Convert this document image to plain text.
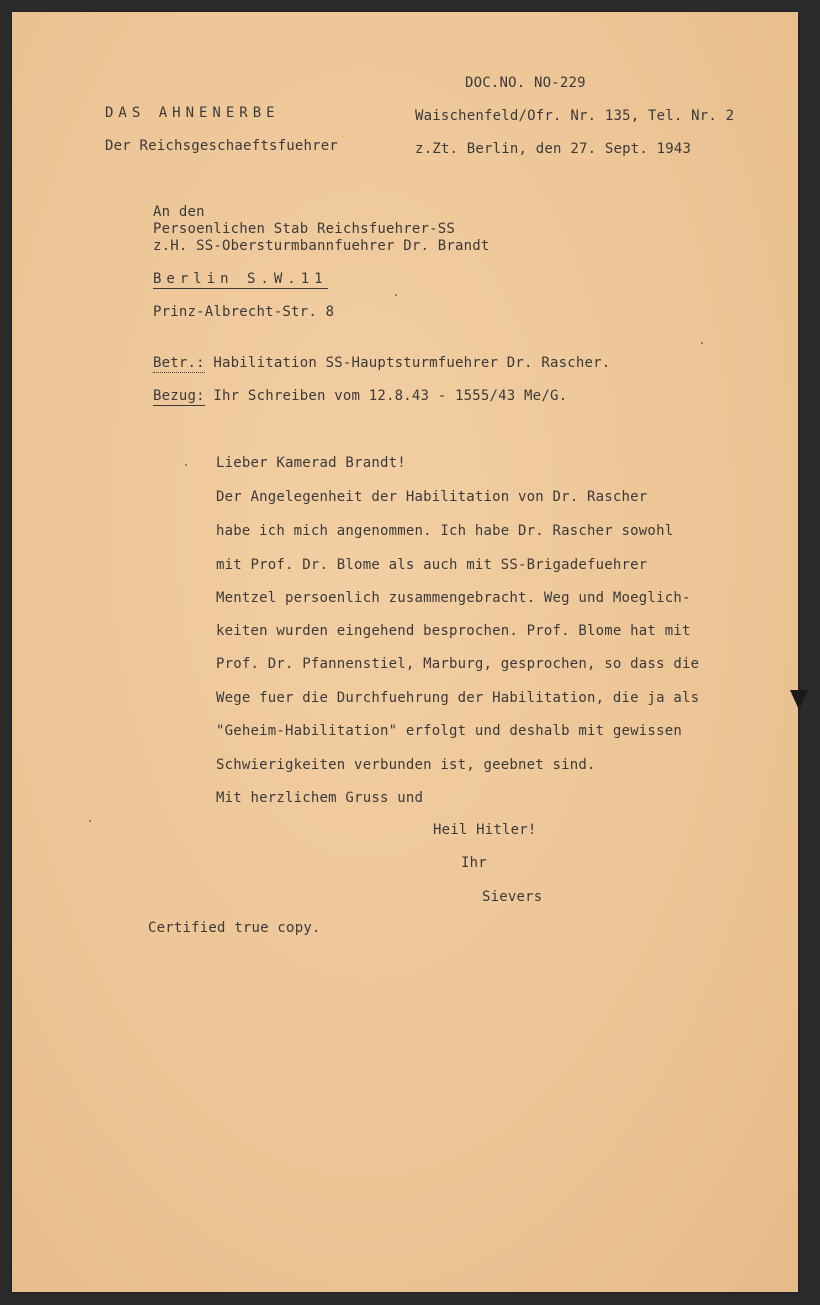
DOC.NO. NO-229
DAS AHNENERBE	Waischenfeld/Ofr. Nr. 135, Tel. Nr. 2
Der Reichsgeschaeftsfuehrer	z.Zt. Berlin, den 27. Sept. 1943
An den
Persoenlichen Stab Reichsfuehrer-SS
z.H. SS-Obersturmbannfuehrer Dr. Brandt
Berlin S.W.11
Prinz-Albrecht-Str. 8
Betr.: Habilitation SS-Hauptsturmfuehrer Dr. Rascher.
Bezug: Ihr Schreiben vom 12.8.43 - 1555/43 Me/G.
Lieber Kamerad Brandt!
Der Angelegenheit der Habilitation von Dr. Rascher
habe ich mich angenommen. Ich habe Dr. Rascher sowohl
mit Prof. Dr. Blome als auch mit SS-Brigadefuehrer
Mentzel persoenlich zusammengebracht. Weg und Moeglich-
keiten wurden eingehend besprochen. Prof. Blome hat mit
Prof. Dr. Pfannenstiel, Marburg, gesprochen, so dass die
Wege fuer die Durchfuehrung der Habilitation, die ja als
"Geheim-Habilitation" erfolgt und deshalb mit gewissen
Schwierigkeiten verbunden ist, geebnet sind.
Mit herzlichem Gruss und
Heil Hitler!
Ihr
Sievers
Certified true copy.
